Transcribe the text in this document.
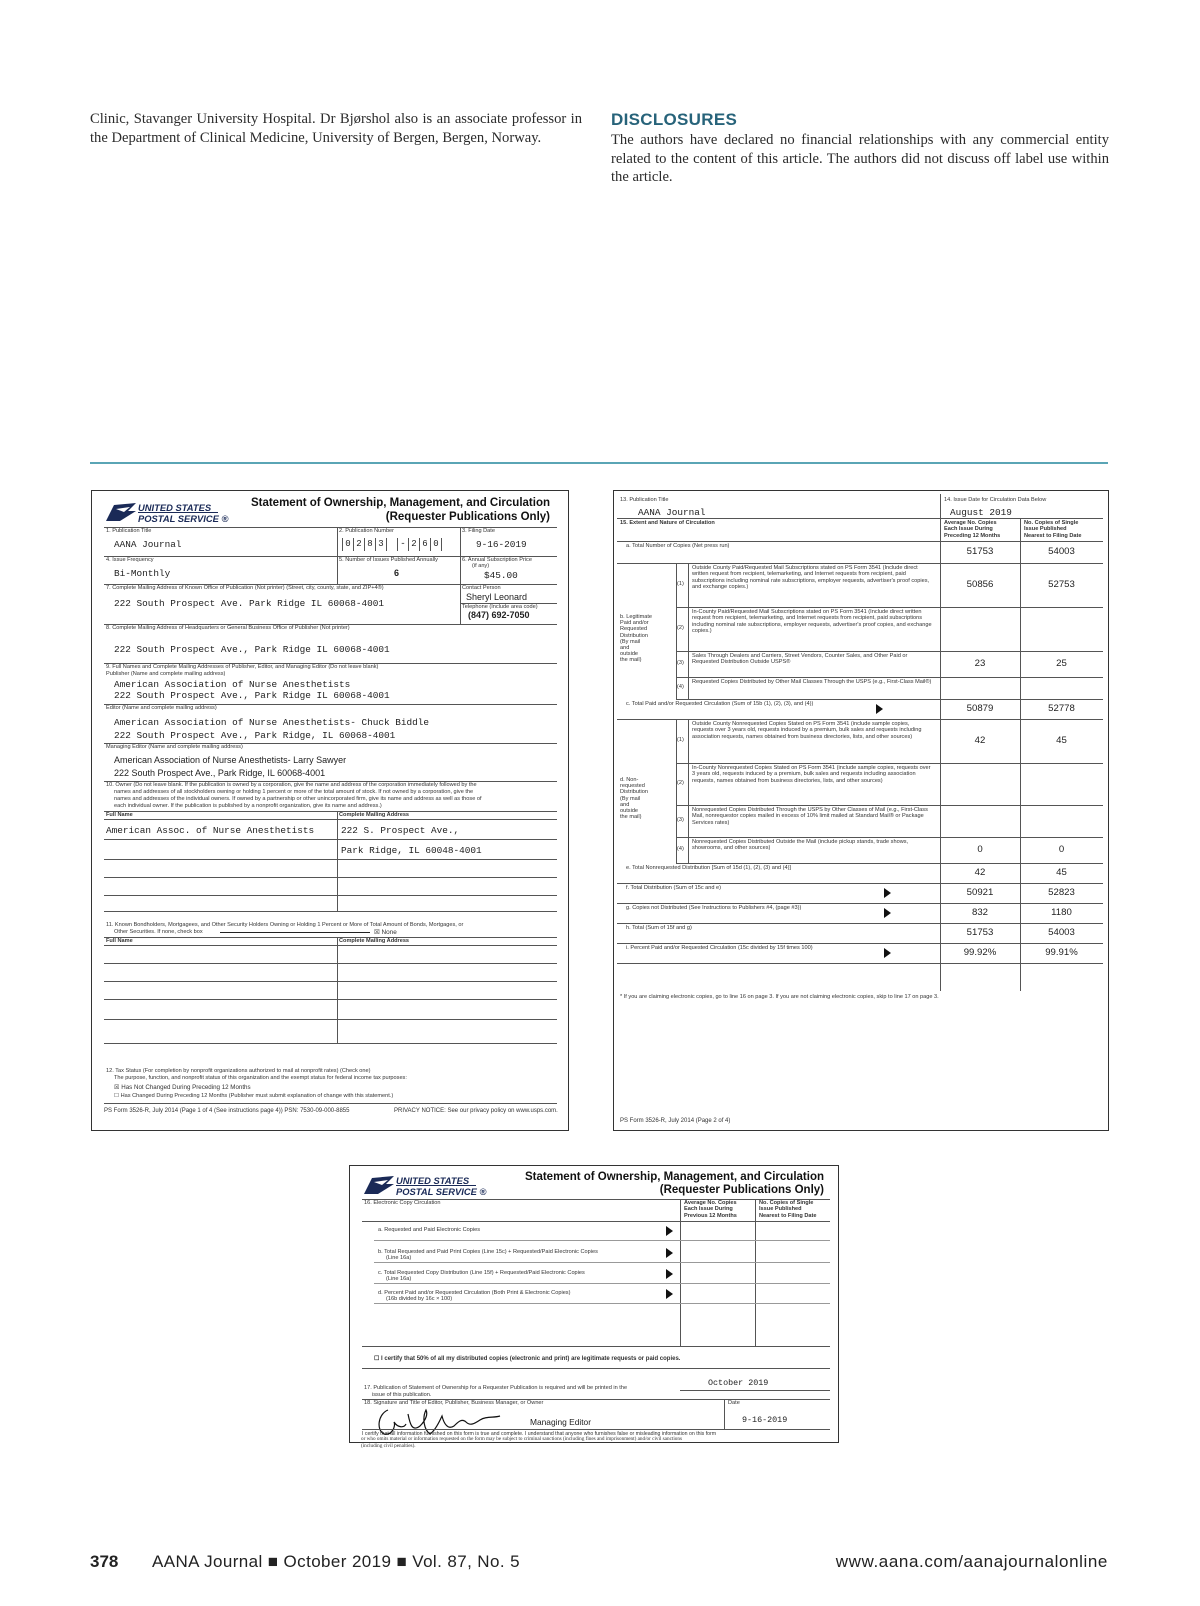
Clinic, Stavanger University Hospital. Dr Bjørshol also is an associate professor in the Department of Clinical Medicine, University of Bergen, Bergen, Norway.
DISCLOSURES
The authors have declared no financial relationships with any commercial entity related to the content of this article. The authors did not discuss off label use within the article.
UNITED STATES
POSTAL SERVICE ®
Statement of Ownership, Management, and Circulation
(Requester Publications Only)
1. Publication Title
AANA Journal
2. Publication Number
0 2 8 3	- 2 6 0
3. Filing Date
9-16-2019
4. Issue Frequency
Bi-Monthly
5. Number of Issues Published Annually
6
6. Annual Subscription Price
(if any)
$45.00
7. Complete Mailing Address of Known Office of Publication (Not printer) (Street, city, county, state, and ZIP+4®)
222 South Prospect Ave. Park Ridge IL 60068-4001
Contact Person
Sheryl Leonard
Telephone (Include area code)
(847) 692-7050
8. Complete Mailing Address of Headquarters or General Business Office of Publisher (Not printer)
222 South Prospect Ave., Park Ridge IL 60068-4001
9. Full Names and Complete Mailing Addresses of Publisher, Editor, and Managing Editor (Do not leave blank)
Publisher (Name and complete mailing address)
American Association of Nurse Anesthetists
222 South Prospect Ave., Park Ridge IL 60068-4001
Editor (Name and complete mailing address)
American Association of Nurse Anesthetists- Chuck Biddle
222 South Prospect Ave., Park Ridge, IL 60068-4001
Managing Editor (Name and complete mailing address)
American Association of Nurse Anesthetists- Larry Sawyer
222 South Prospect Ave., Park Ridge, IL 60068-4001
10. Owner (Do not leave blank. If the publication is owned by a corporation, give the name and address of the corporation immediately followed by the
names and addresses of all stockholders owning or holding 1 percent or more of the total amount of stock. If not owned by a corporation, give the
names and addresses of the individual owners. If owned by a partnership or other unincorporated firm, give its name and address as well as those of
each individual owner. If the publication is published by a nonprofit organization, give its name and address.)
Full Name	Complete Mailing Address
American Assoc. of Nurse Anesthetists	222 S. Prospect Ave.,
Park Ridge, IL 60048-4001
11. Known Bondholders, Mortgagees, and Other Security Holders Owning or Holding 1 Percent or More of Total Amount of Bonds, Mortgages, or
Other Securities. If none, check box	☒ None
Full Name	Complete Mailing Address
12. Tax Status (For completion by nonprofit organizations authorized to mail at nonprofit rates) (Check one)
The purpose, function, and nonprofit status of this organization and the exempt status for federal income tax purposes:
☒ Has Not Changed During Preceding 12 Months
☐ Has Changed During Preceding 12 Months (Publisher must submit explanation of change with this statement.)
PS Form 3526-R, July 2014 (Page 1 of 4 (See instructions page 4)) PSN: 7530-09-000-8855	PRIVACY NOTICE: See our privacy policy on www.usps.com.
13. Publication Title
AANA Journal
14. Issue Date for Circulation Data Below
August 2019
15. Extent and Nature of Circulation	Average No. Copies
Each Issue During
Preceding 12 Months
No. Copies of Single
Issue Published
Nearest to Filing Date
b. Legitimate
Paid and/or
Requested
Distribution
(By mail
and
outside
the mail)
d. Non-
requested
Distribution
(By mail
and
outside
the mail)
a. Total Number of Copies (Net press run)	51753	54003
(1)
Outside County Paid/Requested Mail Subscriptions stated on PS Form 3541 (Include direct written request from recipient, telemarketing, and Internet requests from recipient, paid subscriptions including nominal rate subscriptions, employer requests, advertiser's proof copies, and exchange copies.)	50856	52753
(2)
In-County Paid/Requested Mail Subscriptions stated on PS Form 3541 (Include direct written request from recipient, telemarketing, and Internet requests from recipient, paid subscriptions including nominal rate subscriptions, employer requests, advertiser's proof copies, and exchange copies.)
(3)
Sales Through Dealers and Carriers, Street Vendors, Counter Sales, and Other Paid or Requested Distribution Outside USPS®	23	25
(4)
Requested Copies Distributed by Other Mail Classes Through the USPS (e.g., First-Class Mail®)
c. Total Paid and/or Requested Circulation (Sum of 15b (1), (2), (3), and (4))	50879	52778
(1)
Outside County Nonrequested Copies Stated on PS Form 3541 (include sample copies, requests over 3 years old, requests induced by a premium, bulk sales and requests including association requests, names obtained from business directories, lists, and other sources)	42	45
(2)
In-County Nonrequested Copies Stated on PS Form 3541 (include sample copies, requests over 3 years old, requests induced by a premium, bulk sales and requests including association requests, names obtained from business directories, lists, and other sources)
(3)
Nonrequested Copies Distributed Through the USPS by Other Classes of Mail (e.g., First-Class Mail, nonrequestor copies mailed in excess of 10% limit mailed at Standard Mail® or Package Services rates)
(4)
Nonrequested Copies Distributed Outside the Mail (include pickup stands, trade shows, showrooms, and other sources)	0	0
e. Total Nonrequested Distribution [Sum of 15d (1), (2), (3) and (4)]	42	45
f. Total Distribution (Sum of 15c and e)	50921	52823
g. Copies not Distributed (See Instructions to Publishers #4, (page #3))	832	1180
h. Total (Sum of 15f and g)	51753	54003
i. Percent Paid and/or Requested Circulation (15c divided by 15f times 100)	99.92%	99.91%
* If you are claiming electronic copies, go to line 16 on page 3. If you are not claiming electronic copies, skip to line 17 on page 3.
PS Form 3526-R, July 2014 (Page 2 of 4)
UNITED STATES
POSTAL SERVICE ®
Statement of Ownership, Management, and Circulation
(Requester Publications Only)
16. Electronic Copy Circulation	Average No. Copies
Each Issue During
Previous 12 Months
No. Copies of Single
Issue Published
Nearest to Filing Date
a. Requested and Paid Electronic Copies
b. Total Requested and Paid Print Copies (Line 15c) + Requested/Paid Electronic Copies
(Line 16a)
c. Total Requested Copy Distribution (Line 15f) + Requested/Paid Electronic Copies
(Line 16a)
d. Percent Paid and/or Requested Circulation (Both Print & Electronic Copies)
(16b divided by 16c × 100)
☐ I certify that 50% of all my distributed copies (electronic and print) are legitimate requests or paid copies.
17. Publication of Statement of Ownership for a Requester Publication is required and will be printed in the
issue of this publication.
October 2019
18. Signature and Title of Editor, Publisher, Business Manager, or Owner	Date
Managing Editor	9-16-2019
I certify that all information furnished on this form is true and complete. I understand that anyone who furnishes false or misleading information on this form
or who omits material or information requested on the form may be subject to criminal sanctions (including fines and imprisonment) and/or civil sanctions
(including civil penalties).
378 AANA Journal ■ October 2019 ■ Vol. 87, No. 5	www.aana.com/aanajournalonline
